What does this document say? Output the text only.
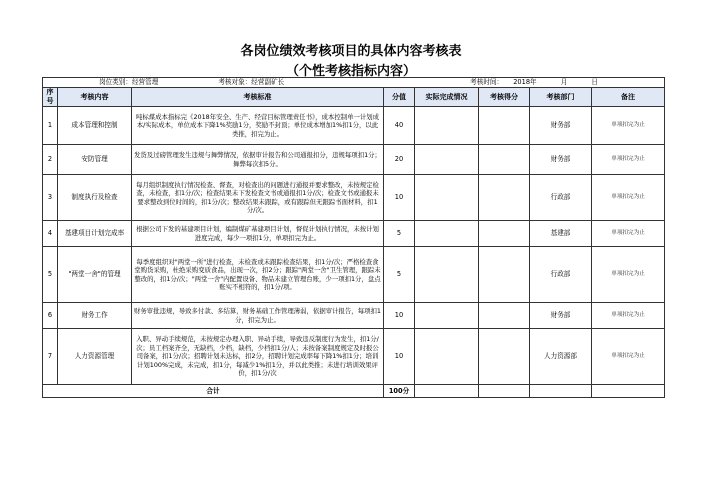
各岗位绩效考核项目的具体内容考核表
（个性考核指标内容）
岗位类别：经营管理 考核对象：经营副矿长 考核时间： 2018年 月 日							

序号	考核内容	考核标准	分值	实际完成情况	考核得分	考核部门	备注
1	成本管理和控制	吨标煤成本指标完《2018年安全、生产、经营目标管理责任书》，成本控制单一计划成本/实际成本，单位成本下降1%奖励1分，奖励不封顶；单位成本增加1%扣1分，以此类推，扣完为止。	40			财务部	单项扣完为止
2	安防管理	发货及过磅管理发生违规与舞弊情况，依据审计报告和公司通报扣分，违规每项扣1分；舞弊每次扣5分。	20			财务部	单项扣完为止
3	制度执行及检查	每月组织制度执行情况检查、督查，对检查出的问题进行通报并要求整改，未按规定检查，未检查，扣1分/次；检查结果未下发检查文书或通报扣1分/次；检查文书或通报未要求整改到位时间的，扣1分/次；整改结果未跟踪，或有跟踪但无跟踪书面材料，扣1分/次。	10			行政部	单项扣完为止
4	基建项目计划完成率	根据公司下发的基建项目计划，编制煤矿基建项目计划，督促计划执行情况，未按计划进度完成，每少一项扣1分，单项扣完为止。	5			基建部	单项扣完为止
5	"两堂一舍"的管理	每季度组织对"两堂一所"进行检查，未检查或未跟踪检查结果，扣1分/次；严格检查食堂购货采购，杜绝采购变质食品，出现一次，扣2分；跟踪"两堂一舍"卫生管理，跟踪未整改的，扣1分/次；"两堂一舍"内配置设备、物品未建立管理台账，少一项扣1分，盘点账实不相符的，扣1分/项。	5			行政部	单项扣完为止
6	财务工作	财务审批违规，导致多付款、多结算，财务基础工作管理薄弱，依据审计报告，每项扣1分，扣完为止。	10			财务部	单项扣完为止
7	人力资源管理	入职、异动手续规范，未按规定办理入职、异动手续，导致违反制度行为发生，扣1分/次；员工档案齐全，无缺档，少档，缺档，少档扣1分/人；未按备案制度规定及时报公司备案，扣1分/次；招聘计划未达标，扣2分，招聘计划完成率每下降1%扣1分；培训计划100%完成，未完成，扣1分，每减少1%扣1分，并以此类推；未进行培训效果评价，扣1分/次	10			人力资源部	单项扣完为止
合计			100分				
